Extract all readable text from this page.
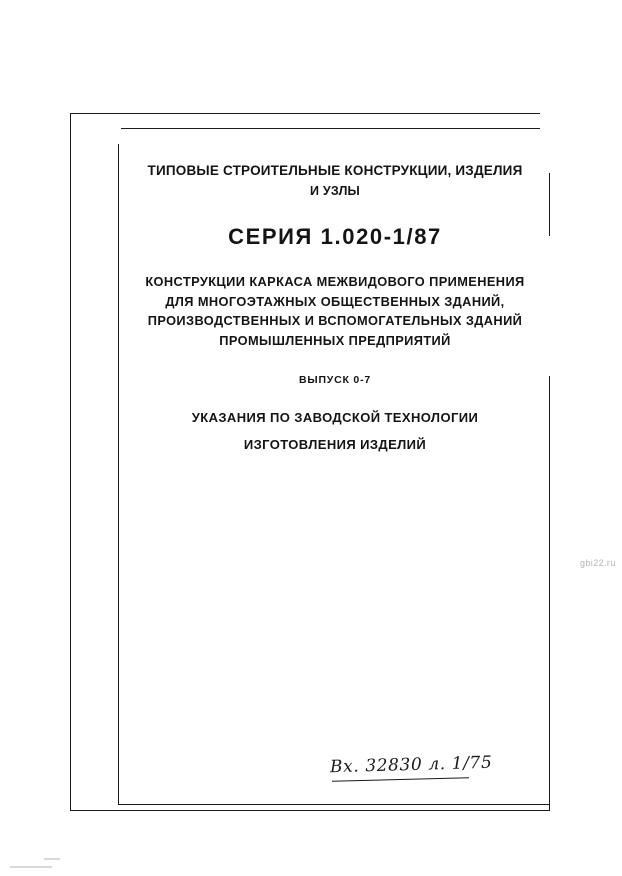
ТИПОВЫЕ СТРОИТЕЛЬНЫЕ КОНСТРУКЦИИ, ИЗДЕЛИЯ
И УЗЛЫ
СЕРИЯ 1.020-1/87
КОНСТРУКЦИИ КАРКАСА МЕЖВИДОВОГО ПРИМЕНЕНИЯ
ДЛЯ МНОГОЭТАЖНЫХ ОБЩЕСТВЕННЫХ ЗДАНИЙ,
ПРОИЗВОДСТВЕННЫХ И ВСПОМОГАТЕЛЬНЫХ ЗДАНИЙ
ПРОМЫШЛЕННЫХ ПРЕДПРИЯТИЙ
ВЫПУСК 0-7
УКАЗАНИЯ ПО ЗАВОДСКОЙ ТЕХНОЛОГИИ
ИЗГОТОВЛЕНИЯ ИЗДЕЛИЙ
Вх. 32830 л. 1/75
gbi22.ru
